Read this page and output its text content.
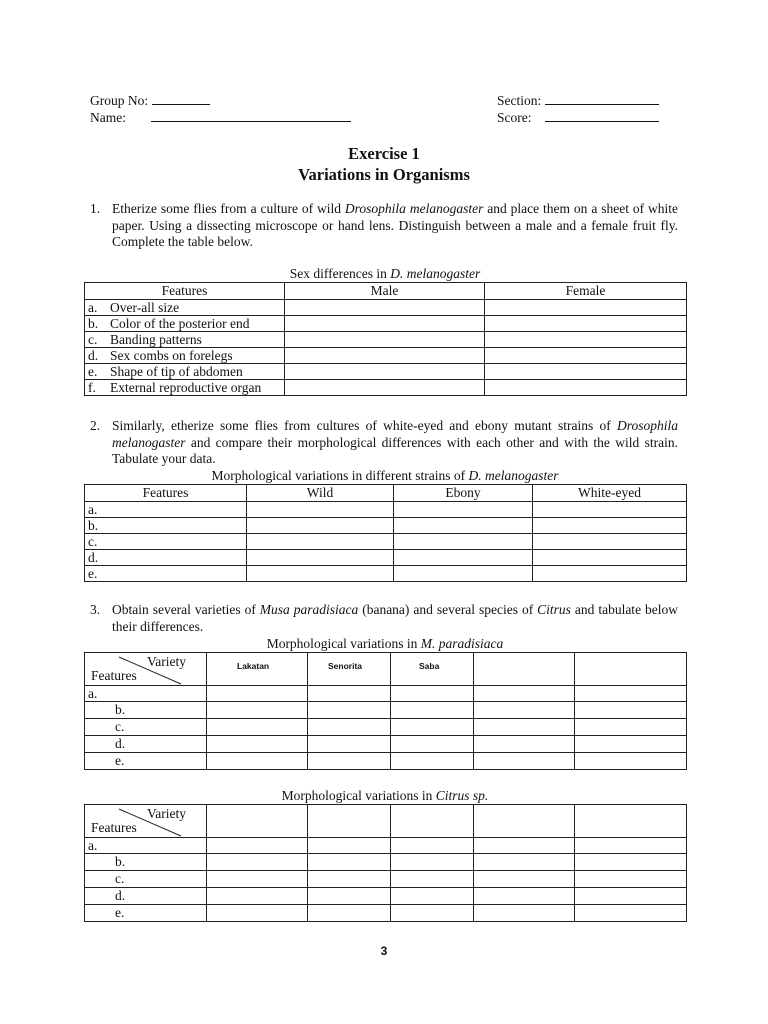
Group No:
Name:
Section:
Score:
Exercise 1
Variations in Organisms
1. Etherize some flies from a culture of wild Drosophila melanogaster and place them on a sheet of white paper. Using a dissecting microscope or hand lens. Distinguish between a male and a female fruit fly. Complete the table below.
Sex differences in D. melanogaster
Features	Male	Female
a. Over-all size		
b. Color of the posterior end		
c. Banding patterns		
d. Sex combs on forelegs		
e. Shape of tip of abdomen		
f. External reproductive organ		
2. Similarly, etherize some flies from cultures of white-eyed and ebony mutant strains of Drosophila melanogaster and compare their morphological differences with each other and with the wild strain. Tabulate your data.
Morphological variations in different strains of D. melanogaster
Features	Wild	Ebony	White-eyed
a.			
b.			
c.			
d.			
e.			
3. Obtain several varieties of Musa paradisiaca (banana) and several species of Citrus and tabulate below their differences.
Morphological variations in M. paradisiaca
Variety
Features	Lakatan	Senorita	Saba		
a.					
b.					
c.					
d.					
e.					
Morphological variations in Citrus sp.
Variety
Features					

a.					
b.					
c.					
d.					
e.					
3
